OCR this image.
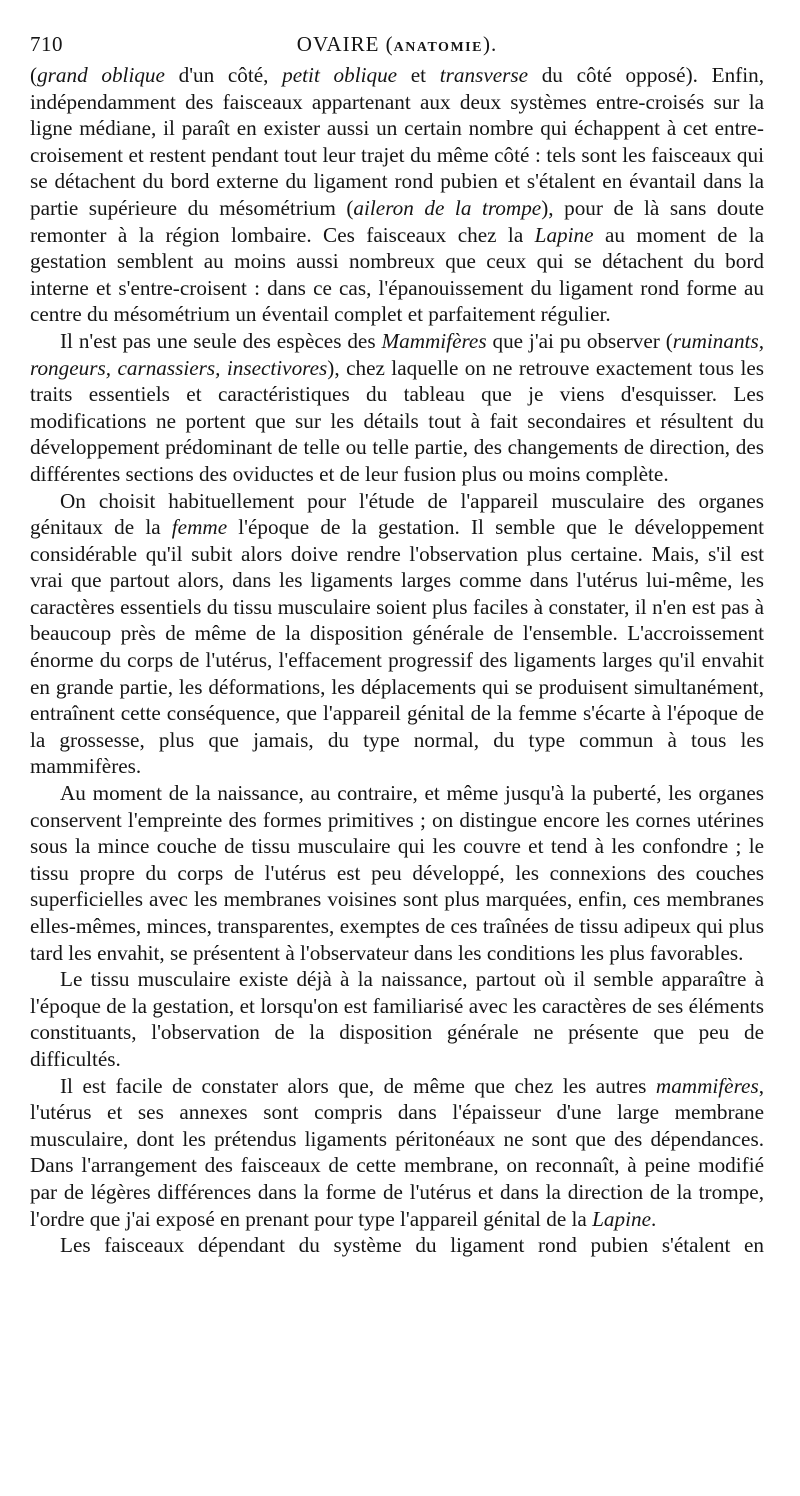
710	OVAIRE (ANATOMIE).

(grand oblique d'un côté, petit oblique et transverse du côté opposé). Enfin, indépendamment des faisceaux appartenant aux deux systèmes entre-croisés sur la ligne médiane, il paraît en exister aussi un certain nombre qui échappent à cet entre-croisement et restent pendant tout leur trajet du même côté : tels sont les faisceaux qui se détachent du bord externe du ligament rond pubien et s'étalent en évantail dans la partie supérieure du mésométrium (aileron de la trompe), pour de là sans doute remonter à la région lombaire. Ces faisceaux chez la Lapine au moment de la gestation semblent au moins aussi nombreux que ceux qui se détachent du bord interne et s'entre-croisent : dans ce cas, l'épanouissement du ligament rond forme au centre du mésométrium un éventail complet et parfaitement régulier.

Il n'est pas une seule des espèces des Mammifères que j'ai pu observer (ruminants, rongeurs, carnassiers, insectivores), chez laquelle on ne retrouve exactement tous les traits essentiels et caractéristiques du tableau que je viens d'esquisser. Les modifications ne portent que sur les détails tout à fait secondaires et résultent du développement prédominant de telle ou telle partie, des changements de direction, des différentes sections des oviductes et de leur fusion plus ou moins complète.

On choisit habituellement pour l'étude de l'appareil musculaire des organes génitaux de la femme l'époque de la gestation. Il semble que le développement considérable qu'il subit alors doive rendre l'observation plus certaine. Mais, s'il est vrai que partout alors, dans les ligaments larges comme dans l'utérus lui-même, les caractères essentiels du tissu musculaire soient plus faciles à constater, il n'en est pas à beaucoup près de même de la disposition générale de l'ensemble. L'accroissement énorme du corps de l'utérus, l'effacement progressif des ligaments larges qu'il envahit en grande partie, les déformations, les déplacements qui se produisent simultanément, entraînent cette conséquence, que l'appareil génital de la femme s'écarte à l'époque de la grossesse, plus que jamais, du type normal, du type commun à tous les mammifères.

Au moment de la naissance, au contraire, et même jusqu'à la puberté, les organes conservent l'empreinte des formes primitives ; on distingue encore les cornes utérines sous la mince couche de tissu musculaire qui les couvre et tend à les confondre ; le tissu propre du corps de l'utérus est peu développé, les connexions des couches superficielles avec les membranes voisines sont plus marquées, enfin, ces membranes elles-mêmes, minces, transparentes, exemptes de ces traînées de tissu adipeux qui plus tard les envahit, se présentent à l'observateur dans les conditions les plus favorables.

Le tissu musculaire existe déjà à la naissance, partout où il semble apparaître à l'époque de la gestation, et lorsqu'on est familiarisé avec les caractères de ses éléments constituants, l'observation de la disposition générale ne présente que peu de difficultés.

Il est facile de constater alors que, de même que chez les autres mammifères, l'utérus et ses annexes sont compris dans l'épaisseur d'une large membrane musculaire, dont les prétendus ligaments péritonéaux ne sont que des dépendances. Dans l'arrangement des faisceaux de cette membrane, on reconnaît, à peine modifié par de légères différences dans la forme de l'utérus et dans la direction de la trompe, l'ordre que j'ai exposé en prenant pour type l'appareil génital de la Lapine.

Les faisceaux dépendant du système du ligament rond pubien s'étalent en
